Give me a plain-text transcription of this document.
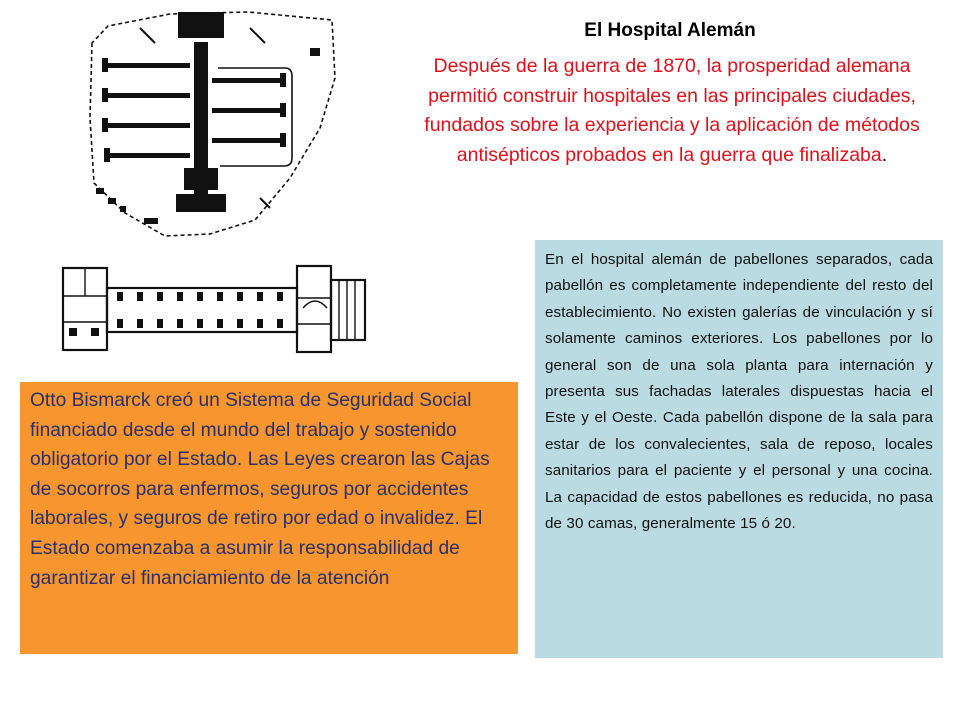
El Hospital Alemán
Después de la guerra de 1870, la prosperidad alemana permitió construir hospitales en las principales ciudades, fundados sobre la experiencia y la aplicación de métodos antisépticos probados en la guerra que finalizaba.

En el hospital alemán de pabellones separados, cada pabellón es completamente independiente del resto del establecimiento. No existen galerías de vinculación y sí solamente caminos exteriores. Los pabellones por lo general son de una sola planta para internación y presenta sus fachadas laterales dispuestas hacia el Este y el Oeste. Cada pabellón dispone de la sala para estar de los convalecientes, sala de reposo, locales sanitarios para el paciente y el personal y una cocina. La capacidad de estos pabellones es reducida, no pasa de 30 camas, generalmente 15 ó 20.

Otto Bismarck creó un Sistema de Seguridad Social financiado desde el mundo del trabajo y sostenido obligatorio por el Estado. Las Leyes crearon las Cajas de socorros para enfermos, seguros por accidentes laborales, y seguros de retiro por edad o invalidez. El Estado comenzaba a asumir la responsabilidad de garantizar el financiamiento de la atención
